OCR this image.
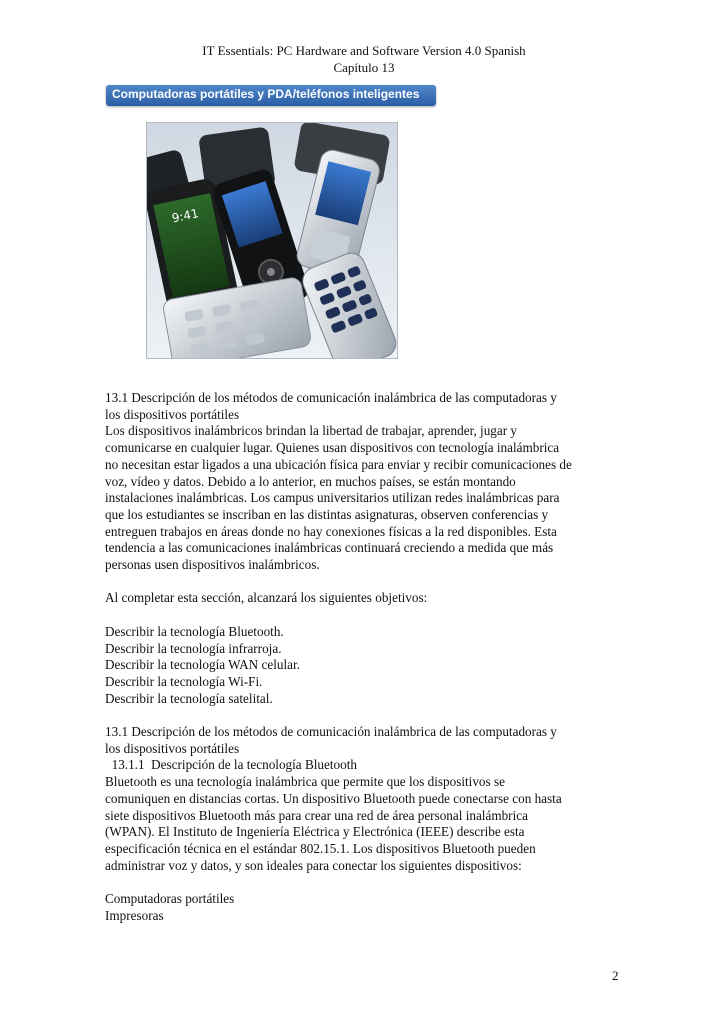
IT Essentials: PC Hardware and Software Version 4.0 Spanish
Capítulo 13
Computadoras portátiles y PDA/teléfonos inteligentes
9:41

13.1 Descripción de los métodos de comunicación inalámbrica de las computadoras y

los dispositivos portátiles

Los dispositivos inalámbricos brindan la libertad de trabajar, aprender, jugar y

comunicarse en cualquier lugar. Quienes usan dispositivos con tecnología inalámbrica

no necesitan estar ligados a una ubicación física para enviar y recibir comunicaciones de

voz, vídeo y datos. Debido a lo anterior, en muchos países, se están montando

instalaciones inalámbricas. Los campus universitarios utilizan redes inalámbricas para

que los estudiantes se inscriban en las distintas asignaturas, observen conferencias y

entreguen trabajos en áreas donde no hay conexiones físicas a la red disponibles. Esta

tendencia a las comunicaciones inalámbricas continuará creciendo a medida que más

personas usen dispositivos inalámbricos.

Al completar esta sección, alcanzará los siguientes objetivos:

Describir la tecnología Bluetooth.

Describir la tecnología infrarroja.

Describir la tecnología WAN celular.

Describir la tecnología Wi-Fi.

Describir la tecnología satelital.

13.1 Descripción de los métodos de comunicación inalámbrica de las computadoras y

los dispositivos portátiles

13.1.1  Descripción de la tecnología Bluetooth

Bluetooth es una tecnología inalámbrica que permite que los dispositivos se

comuniquen en distancias cortas. Un dispositivo Bluetooth puede conectarse con hasta

siete dispositivos Bluetooth más para crear una red de área personal inalámbrica

(WPAN). El Instituto de Ingeniería Eléctrica y Electrónica (IEEE) describe esta

especificación técnica en el estándar 802.15.1. Los dispositivos Bluetooth pueden

administrar voz y datos, y son ideales para conectar los siguientes dispositivos:

Computadoras portátiles

Impresoras

2
